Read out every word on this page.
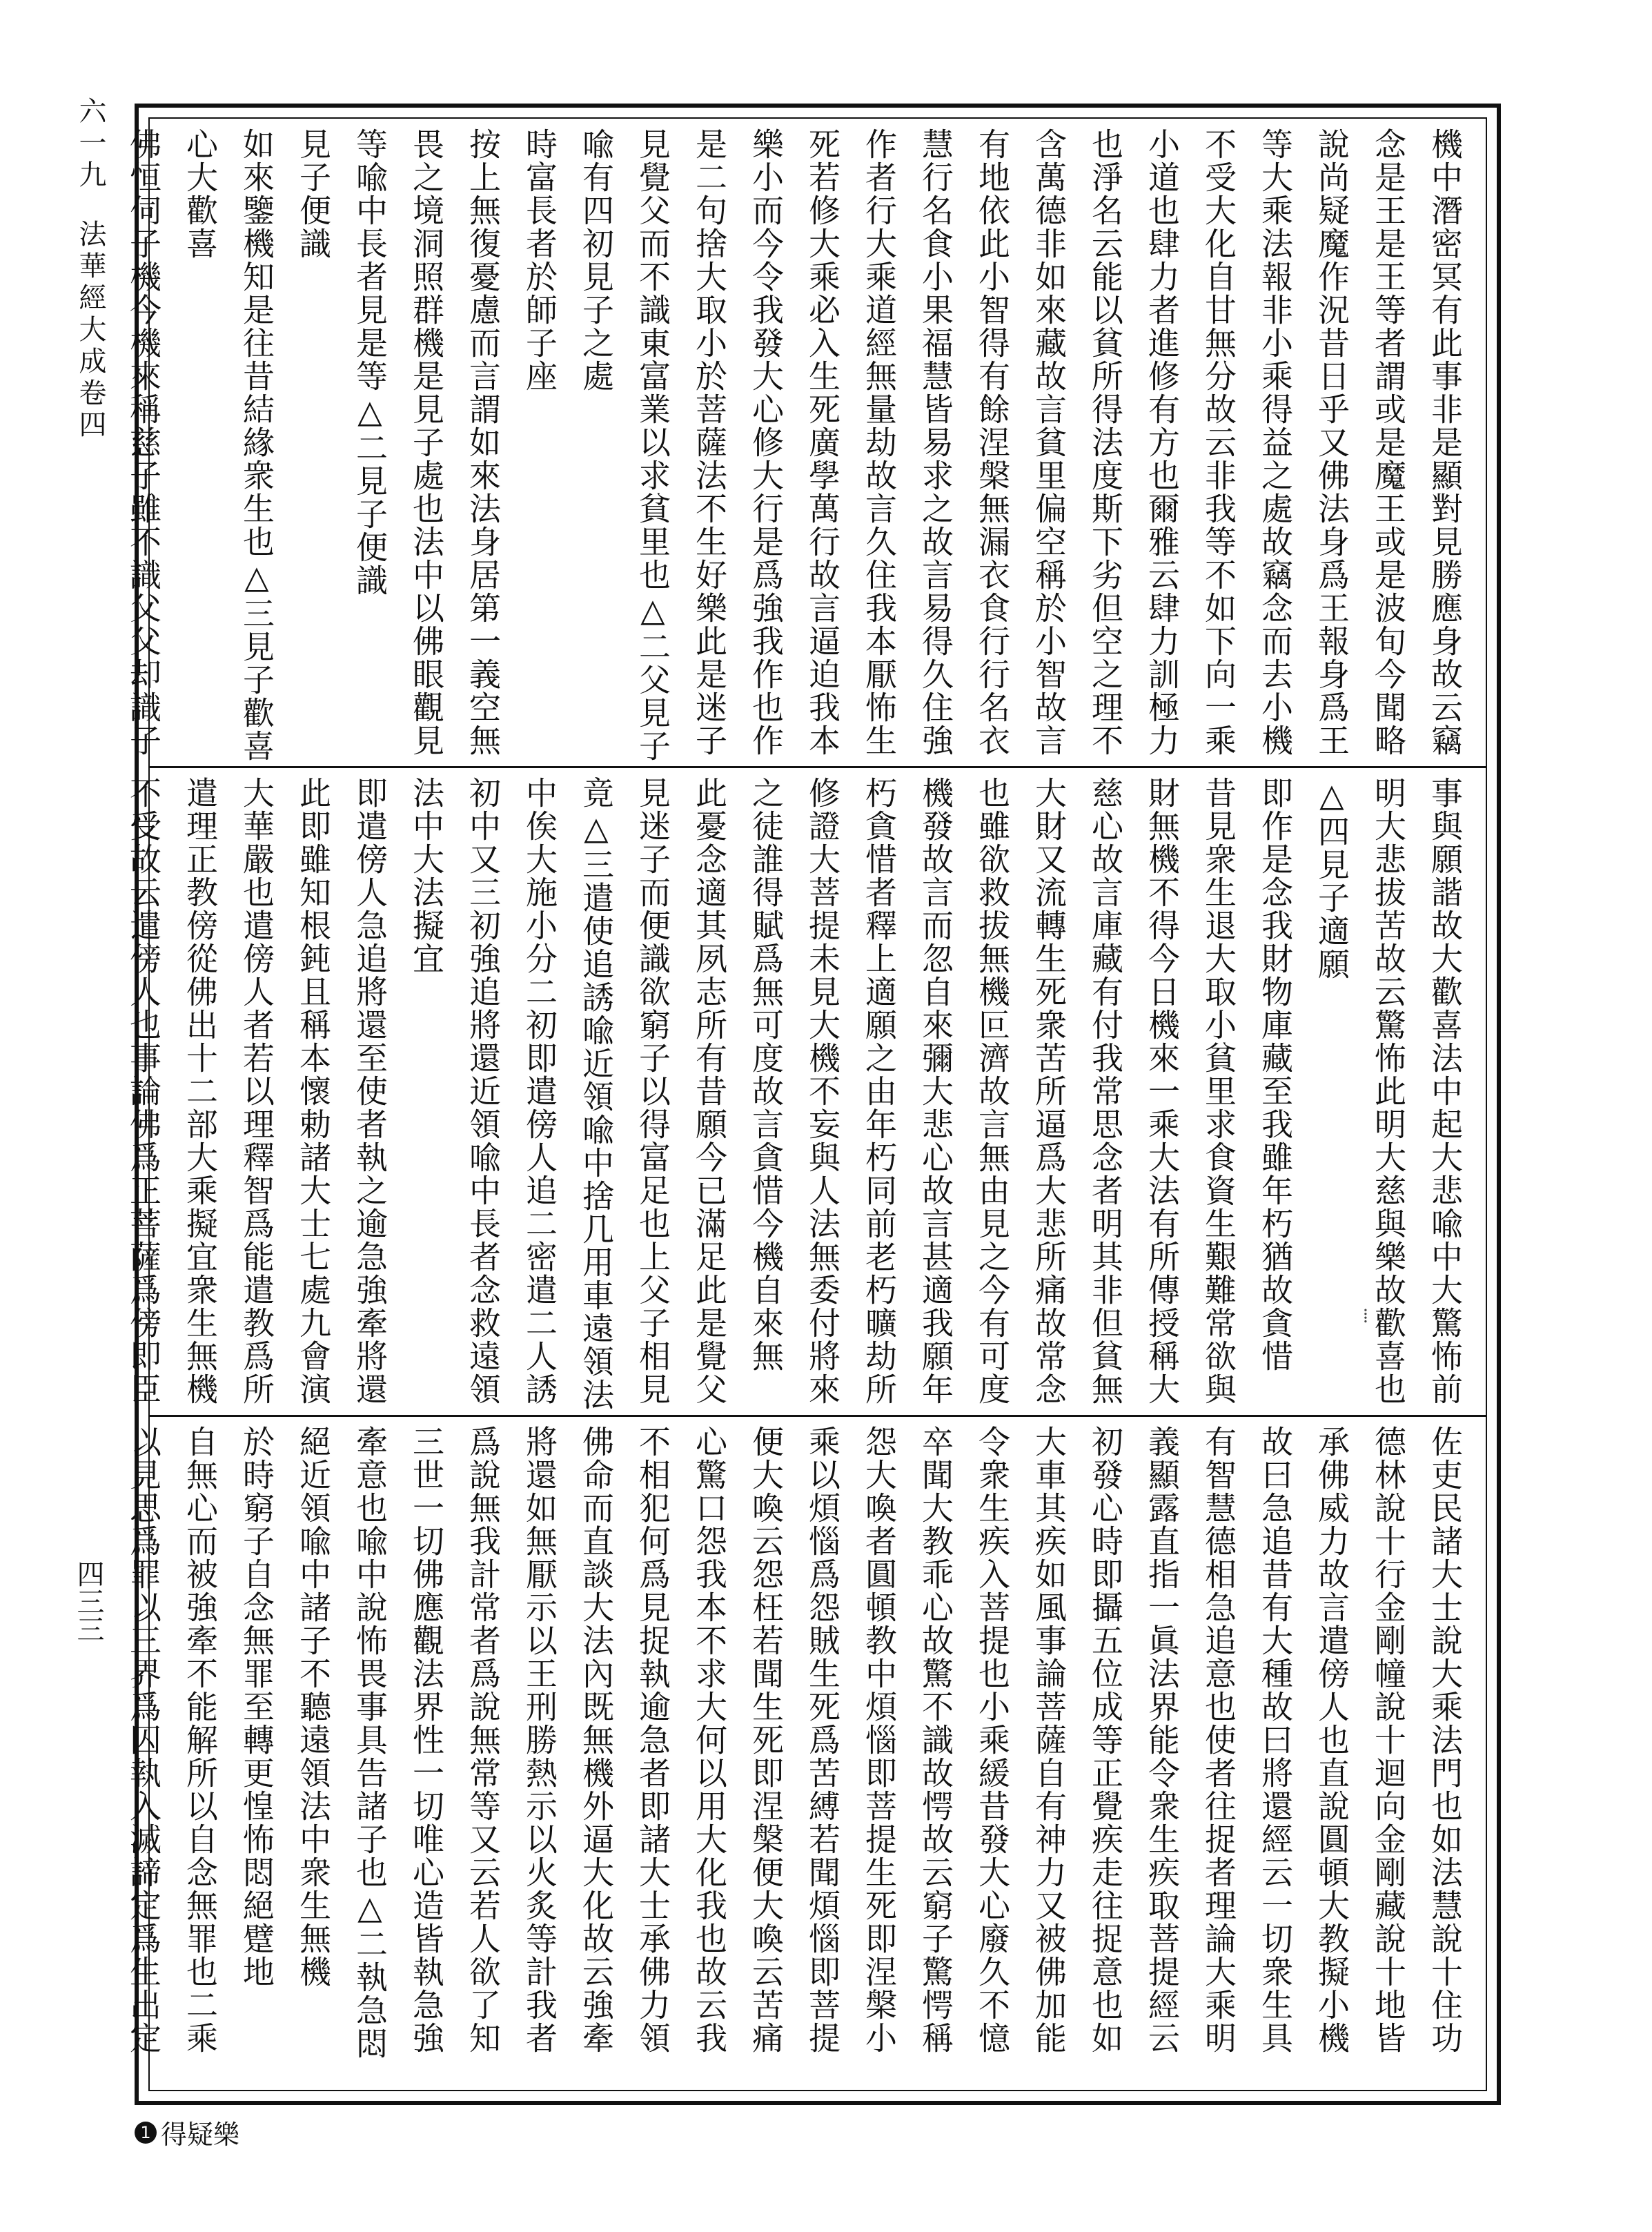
六一九
法華經大成卷四	機中潛密冥有此事非是顯對見勝應身故云竊
念是王是王等者謂或是魔王或是波旬今聞略
說尚疑魔作況昔日乎又佛法身爲王報身爲王
等大乘法報非小乘得益之處故竊念而去小機
不受大化自甘無分故云非我等不如下向一乘
小道也肆力者進修有方也爾雅云肆力訓極力
也淨名云能以貧所得法度斯下劣但空之理不
含萬德非如來藏故言貧里偏空稱於小智故言
有地依此小智得有餘涅槃無漏衣食行行名衣
慧行名食小果福慧皆易求之故言易得久住強
作者行大乘道經無量劫故言久住我本厭怖生
死若修大乘必入生死廣學萬行故言逼迫我本
樂小而今令我發大心修大行是爲強我作也作
是二句捨大取小於菩薩法不生好樂此是迷子
見覺父而不識東富業以求貧里也△二父見子
喩有四初見子之處
時富長者於師子座
按上無復憂慮而言謂如來法身居第一義空無
畏之境洞照群機是見子處也法中以佛眼觀見
等喩中長者見是等△二見子便識
見子便識
如來鑒機知是往昔結緣衆生也△三見子歡喜
心大歡喜
佛恒伺子機今機來稱慈子雖不識父父却識子
事與願諧故大歡喜法中起大悲喩中大驚怖前
明大悲拔苦故云驚怖此明大慈與樂故歡喜也
△四見子適願
即作是念我財物庫藏至我雖年朽猶故貪惜
昔見衆生退大取小貧里求食資生艱難常欲與
財無機不得今日機來一乘大法有所傳授稱大
慈心故言庫藏有付我常思念者明其非但貧無
大財又流轉生死衆苦所逼爲大悲所痛故常念
也雖欲救拔無機叵濟故言無由見之今有可度
機發故言而忽自來彌大悲心故言甚適我願年
朽貪惜者釋上適願之由年朽同前老朽曠劫所
修證大菩提未見大機不妄與人法無委付將來
之徒誰得賦爲無可度故言貪惜今機自來無
此憂念適其夙志所有昔願今已滿足此是覺父
見迷子而便識欲窮子以得富足也上父子相見
竟△三遣使追誘喩近領喩中捨几用車遠領法
中俟大施小分二初即遣傍人追二密遣二人誘
初中又三初強追將還近領喩中長者念救遠領
法中大法擬宜
即遣傍人急追將還至使者執之逾急強牽將還
此即雖知根鈍且稱本懷勅諸大士七處九會演
大華嚴也遣傍人者若以理釋智爲能遣教爲所
遣理正教傍從佛出十二部大乘擬宜衆生無機
不受故云遣傍人也事論佛爲正菩薩爲傍即臣
佐吏民諸大士說大乘法門也如法慧說十住功
德林說十行金剛幢說十迴向金剛藏說十地皆
承佛威力故言遣傍人也直說圓頓大教擬小機
故曰急追昔有大種故曰將還經云一切衆生具
有智慧德相急追意也使者往捉者理論大乘明
義顯露直指一眞法界能令衆生疾取菩提經云
初發心時即攝五位成等正覺疾走往捉意也如
大車其疾如風事論菩薩自有神力又被佛加能
令衆生疾入菩提也小乘緩昔發大心廢久不憶
卒聞大教乖心故驚不識故愕故云窮子驚愕稱
怨大喚者圓頓教中煩惱即菩提生死即涅槃小
乘以煩惱爲怨賊生死爲苦縛若聞煩惱即菩提
便大喚云怨枉若聞生死即涅槃便大喚云苦痛
心驚口怨我本不求大何以用大化我也故云我
不相犯何爲見捉執逾急者即諸大士承佛力領
佛命而直談大法內既無機外逼大化故云強牽
將還如無厭示以王刑勝熱示以火炙等計我者
爲說無我計常者爲說無常等又云若人欲了知
三世一切佛應觀法界性一切唯心造皆執急強
牽意也喩中說怖畏事具告諸子也△二執急悶
絕近領喩中諸子不聽遠領法中衆生無機
於時窮子自念無罪至轉更惶怖悶絕躄地
自無心而被強牽不能解所以自念無罪也二乘
以見思爲罪以三界爲囚執入滅諦定爲生出定
⁞
四三三
1 得疑樂
